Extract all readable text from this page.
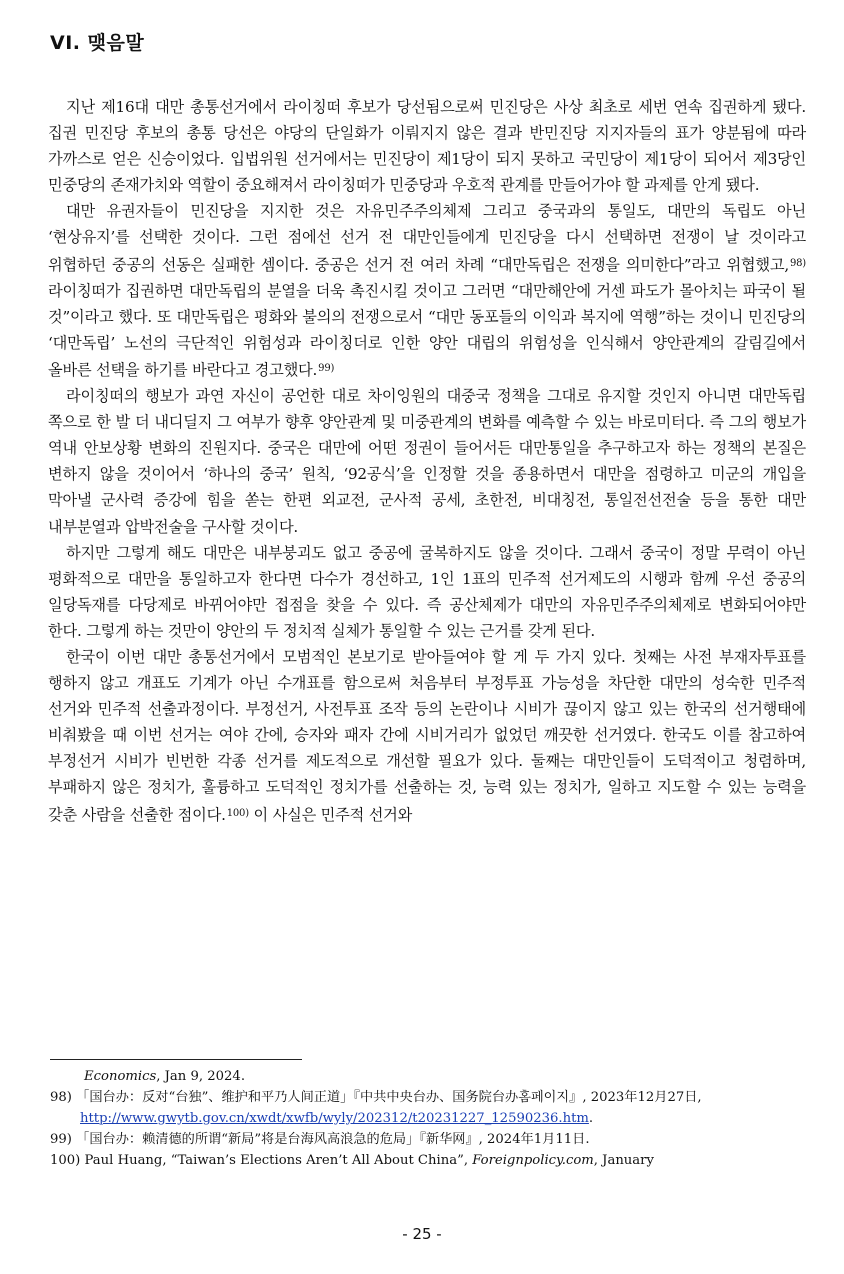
VI. 맺음말

지난 제16대 대만 총통선거에서 라이칭떠 후보가 당선됨으로써 민진당은 사상 최초로 세번 연속 집권하게 됐다. 집권 민진당 후보의 총통 당선은 야당의 단일화가 이뤄지지 않은 결과 반민진당 지지자들의 표가 양분됨에 따라 가까스로 얻은 신승이었다. 입법위원 선거에서는 민진당이 제1당이 되지 못하고 국민당이 제1당이 되어서 제3당인 민중당의 존재가치와 역할이 중요해져서 라이칭떠가 민중당과 우호적 관계를 만들어가야 할 과제를 안게 됐다.

대만 유권자들이 민진당을 지지한 것은 자유민주주의체제 그리고 중국과의 통일도, 대만의 독립도 아닌 ‘현상유지’를 선택한 것이다. 그런 점에선 선거 전 대만인들에게 민진당을 다시 선택하면 전쟁이 날 것이라고 위협하던 중공의 선동은 실패한 셈이다. 중공은 선거 전 여러 차례 “대만독립은 전쟁을 의미한다”라고 위협했고,$^{98)}$ 라이칭떠가 집권하면 대만독립의 분열을 더욱 촉진시킬 것이고 그러면 “대만해안에 거센 파도가 몰아치는 파국이 될 것”이라고 했다. 또 대만독립은 평화와 불의의 전쟁으로서 “대만 동포들의 이익과 복지에 역행”하는 것이니 민진당의 ‘대만독립’ 노선의 극단적인 위험성과 라이칭더로 인한 양안 대립의 위험성을 인식해서 양안관계의 갈림길에서 올바른 선택을 하기를 바란다고 경고했다.$^{99)}$

라이칭떠의 행보가 과연 자신이 공언한 대로 차이잉원의 대중국 정책을 그대로 유지할 것인지 아니면 대만독립 쪽으로 한 발 더 내디딜지 그 여부가 향후 양안관계 및 미중관계의 변화를 예측할 수 있는 바로미터다. 즉 그의 행보가 역내 안보상황 변화의 진원지다. 중국은 대만에 어떤 정권이 들어서든 대만통일을 추구하고자 하는 정책의 본질은 변하지 않을 것이어서 ‘하나의 중국’ 원칙, ‘92공식’을 인정할 것을 종용하면서 대만을 점령하고 미군의 개입을 막아낼 군사력 증강에 힘을 쏟는 한편 외교전, 군사적 공세, 초한전, 비대칭전, 통일전선전술 등을 통한 대만 내부분열과 압박전술을 구사할 것이다.

하지만 그렇게 해도 대만은 내부붕괴도 없고 중공에 굴복하지도 않을 것이다. 그래서 중국이 정말 무력이 아닌 평화적으로 대만을 통일하고자 한다면 다수가 경선하고, 1인 1표의 민주적 선거제도의 시행과 함께 우선 중공의 일당독재를 다당제로 바뀌어야만 접점을 찾을 수 있다. 즉 공산체제가 대만의 자유민주주의체제로 변화되어야만 한다. 그렇게 하는 것만이 양안의 두 정치적 실체가 통일할 수 있는 근거를 갖게 된다.

한국이 이번 대만 총통선거에서 모범적인 본보기로 받아들여야 할 게 두 가지 있다. 첫째는 사전 부재자투표를 행하지 않고 개표도 기계가 아닌 수개표를 함으로써 처음부터 부정투표 가능성을 차단한 대만의 성숙한 민주적 선거와 민주적 선출과정이다. 부정선거, 사전투표 조작 등의 논란이나 시비가 끊이지 않고 있는 한국의 선거행태에 비춰봤을 때 이번 선거는 여야 간에, 승자와 패자 간에 시비거리가 없었던 깨끗한 선거였다. 한국도 이를 참고하여 부정선거 시비가 빈번한 각종 선거를 제도적으로 개선할 필요가 있다. 둘째는 대만인들이 도덕적이고 청렴하며, 부패하지 않은 정치가, 훌륭하고 도덕적인 정치가를 선출하는 것, 능력 있는 정치가, 일하고 지도할 수 있는 능력을 갖춘 사람을 선출한 점이다.$^{100)}$ 이 사실은 민주적 선거와

Economics, Jan 9, 2024.

98) 「国台办：反对“台独”、维护和平乃人间正道」『中共中央台办、国务院台办홈페이지』, 2023年12月27日,

http://www.gwytb.gov.cn/xwdt/xwfb/wyly/202312/t20231227_12590236.htm.

99) 「国台办：赖清德的所谓“新局”将是台海风高浪急的危局」『新华网』, 2024年1月11日.

100) Paul Huang, “Taiwan’s Elections Aren’t All About China”, Foreignpolicy.com, January

- 25 -
